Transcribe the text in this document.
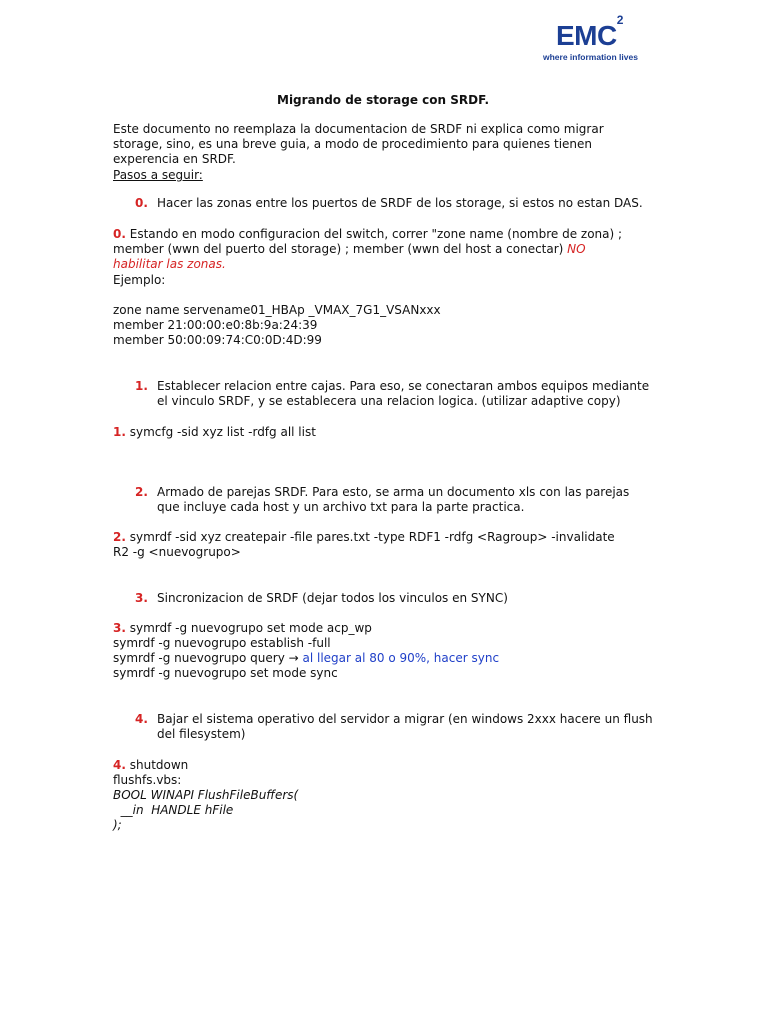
EMC$^2$
where information lives
Migrando de storage con SRDF.
Este documento no reemplaza la documentacion de SRDF ni explica como migrar storage, sino, es una breve guia, a modo de procedimiento para quienes tienen experencia en SRDF.
Pasos a seguir:
0. Hacer las zonas entre los puertos de SRDF de los storage, si estos no estan DAS.
0. Estando en modo configuracion del switch, correr "zone name (nombre de zona) ; member (wwn del puerto del storage) ; member (wwn del host a conectar) NO habilitar las zonas.
Ejemplo:
zone name servename01_HBAp _VMAX_7G1_VSANxxx
member 21:00:00:e0:8b:9a:24:39
member 50:00:09:74:C0:0D:4D:99
1. Establecer relacion entre cajas. Para eso, se conectaran ambos equipos mediante el vinculo SRDF, y se establecera una relacion logica. (utilizar adaptive copy)
1. symcfg -sid xyz list -rdfg all list
2. Armado de parejas SRDF. Para esto, se arma un documento xls con las parejas que incluye cada host y un archivo txt para la parte practica.
2. symrdf -sid xyz createpair -file pares.txt -type RDF1 -rdfg <Ragroup> -invalidate R2 -g <nuevogrupo>
3. Sincronizacion de SRDF (dejar todos los vinculos en SYNC)
3. symrdf -g nuevogrupo set mode acp_wp
symrdf -g nuevogrupo establish -full
symrdf -g nuevogrupo query → al llegar al 80 o 90%, hacer sync
symrdf -g nuevogrupo set mode sync
4. Bajar el sistema operativo del servidor a migrar (en windows 2xxx hacere un flush del filesystem)
4. shutdown
flushfs.vbs:
BOOL WINAPI FlushFileBuffers(
__in  HANDLE hFile
);
